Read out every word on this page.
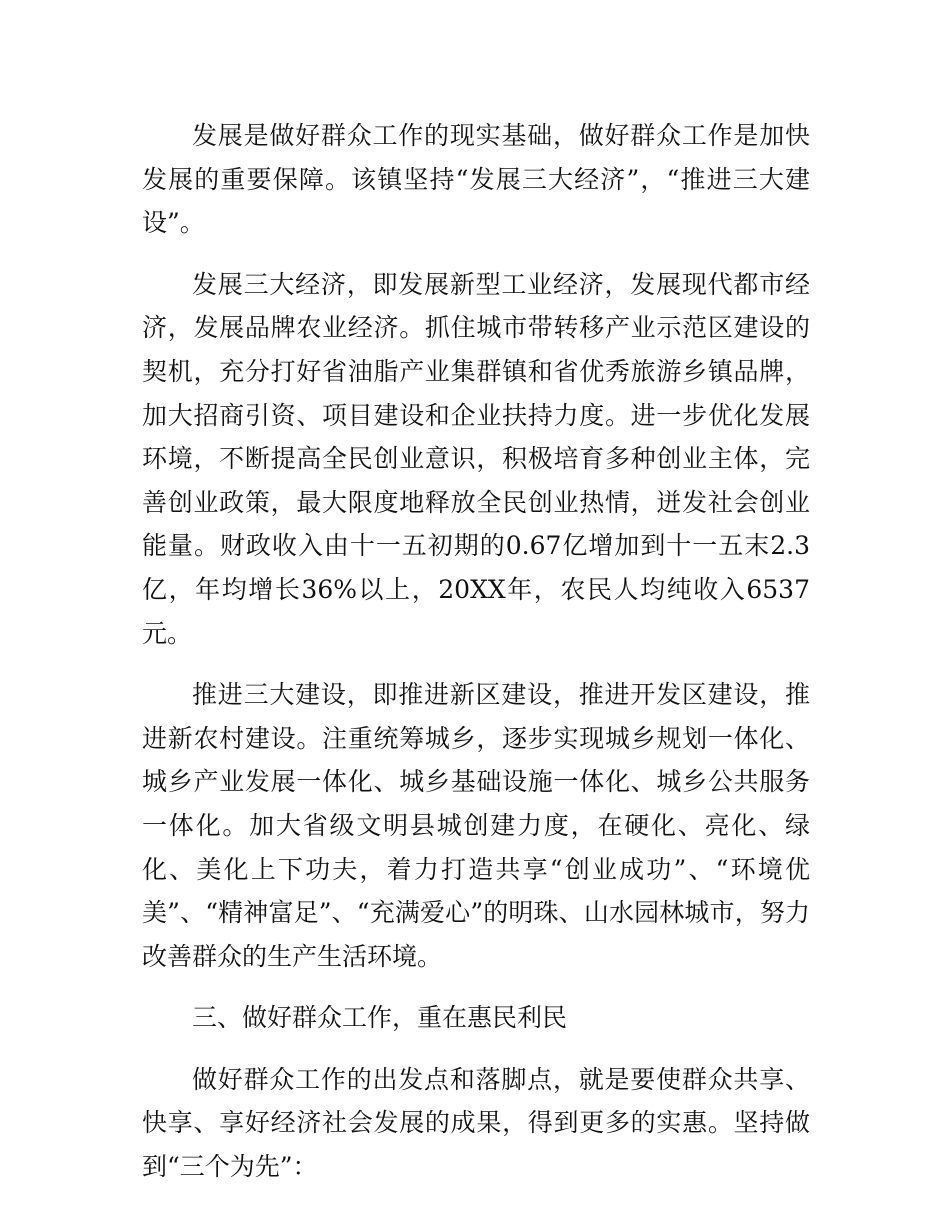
发展是做好群众工作的现实基础，做好群众工作是加快发展的重要保障。该镇坚持“发展三大经济”，“推进三大建设”。

发展三大经济，即发展新型工业经济，发展现代都市经济，发展品牌农业经济。抓住城市带转移产业示范区建设的契机，充分打好省油脂产业集群镇和省优秀旅游乡镇品牌，加大招商引资、项目建设和企业扶持力度。进一步优化发展环境，不断提高全民创业意识，积极培育多种创业主体，完善创业政策，最大限度地释放全民创业热情，迸发社会创业能量。财政收入由十一五初期的0.67亿增加到十一五末2.3亿，年均增长36%以上，20XX年，农民人均纯收入6537元。

推进三大建设，即推进新区建设，推进开发区建设，推进新农村建设。注重统筹城乡，逐步实现城乡规划一体化、城乡产业发展一体化、城乡基础设施一体化、城乡公共服务一体化。加大省级文明县城创建力度，在硬化、亮化、绿化、美化上下功夫，着力打造共享“创业成功”、“环境优美”、“精神富足”、“充满爱心”的明珠、山水园林城市，努力改善群众的生产生活环境。

三、做好群众工作，重在惠民利民

做好群众工作的出发点和落脚点，就是要使群众共享、快享、享好经济社会发展的成果，得到更多的实惠。坚持做到“三个为先”：
